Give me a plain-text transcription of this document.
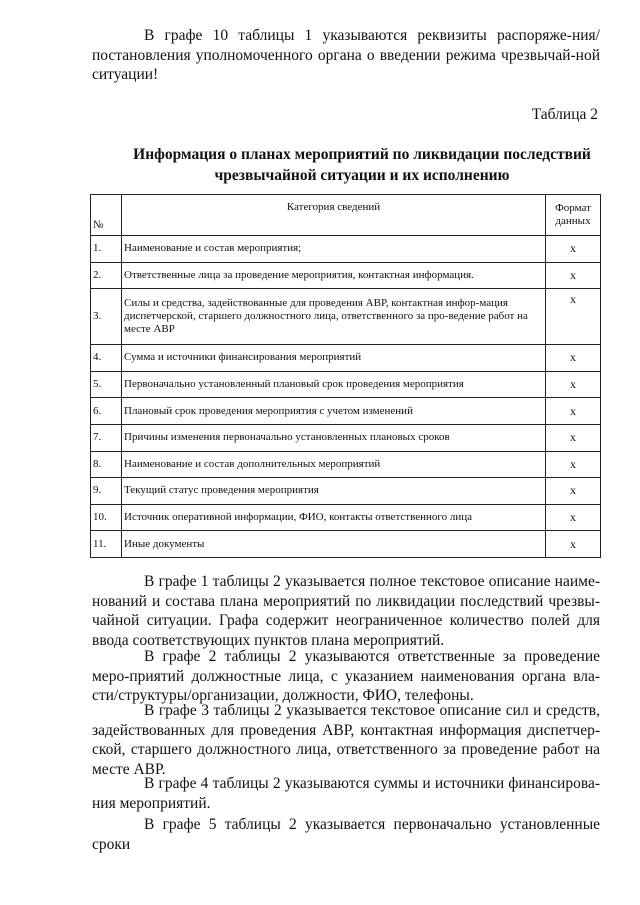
В графе 10 таблицы 1 указываются реквизиты распоряже-ния/постановления уполномоченного органа о введении режима чрезвычай-ной ситуации!

Таблица 2
Информация о планах мероприятий по ликвидации последствий
чрезвычайной ситуации и их исполнению
№	Категория сведений	Формат
данных

1.	Наименование и состав мероприятия;	x
2.	Ответственные лица за проведение мероприятия, контактная информация.	x
3.	Силы и средства, задействованные для проведения АВР, контактная инфор-мация диспетчерской, старшего должностного лица, ответственного за про-ведение работ на месте АВР	x
4.	Сумма и источники финансирования мероприятий	x
5.	Первоначально установленный плановый срок проведения мероприятия	x
6.	Плановый срок проведения мероприятия с учетом изменений	x
7.	Причины изменения первоначально установленных плановых сроков	x
8.	Наименование и состав дополнительных мероприятий	x
9.	Текущий статус проведения мероприятия	x
10.	Источник оперативной информации, ФИО, контакты ответственного лица	x
11.	Иные документы	x

В графе 1 таблицы 2 указывается полное текстовое описание наиме-нований и состава плана мероприятий по ликвидации последствий чрезвы-чайной ситуации. Графа содержит неограниченное количество полей для ввода соответствующих пунктов плана мероприятий.

В графе 2 таблицы 2 указываются ответственные за проведение меро-приятий должностные лица, с указанием наименования органа вла-сти/структуры/организации, должности, ФИО, телефоны.

В графе 3 таблицы 2 указывается текстовое описание сил и средств, задействованных для проведения АВР, контактная информация диспетчер-ской, старшего должностного лица, ответственного за проведение работ на месте АВР.

В графе 4 таблицы 2 указываются суммы и источники финансирова-ния мероприятий.

В графе 5 таблицы 2 указывается первоначально установленные сроки
